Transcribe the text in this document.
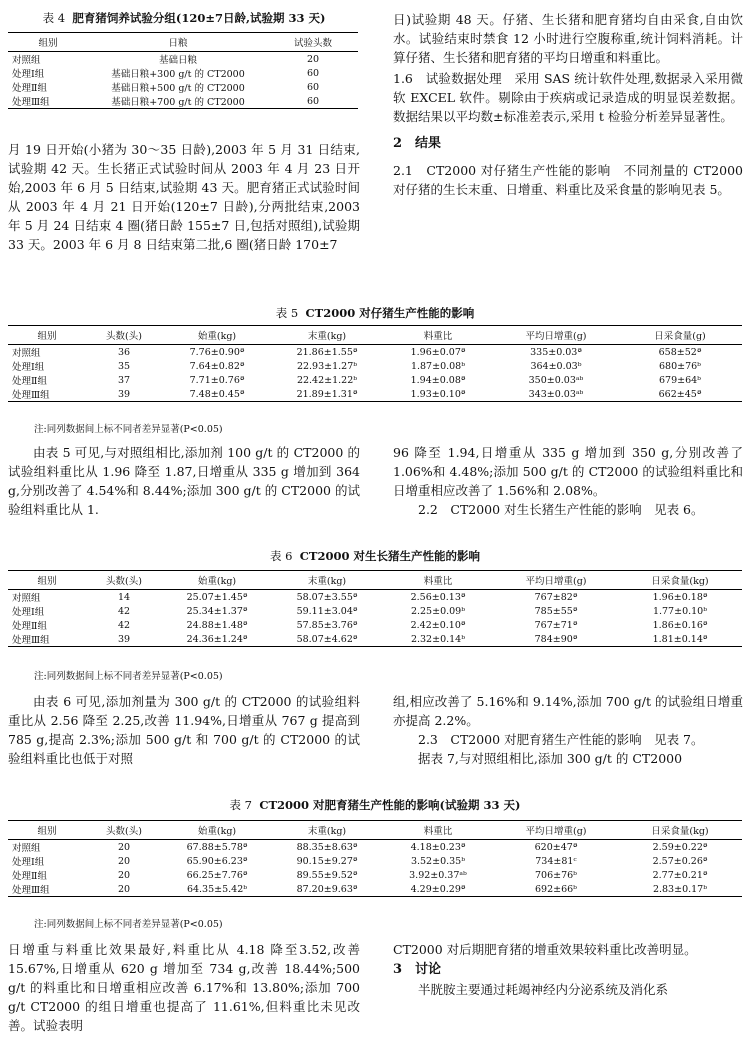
表 4 肥育猪饲养试验分组(120±7日龄,试验期 33 天)
组别	日粮	试验头数
对照组	基础日粮	20
处理Ⅰ组	基础日粮+300 g/t 的 CT2000	60
处理Ⅱ组	基础日粮+500 g/t 的 CT2000	60
处理Ⅲ组	基础日粮+700 g/t 的 CT2000	60

月 19 日开始(小猪为 30～35 日龄),2003 年 5 月 31 日结束,试验期 42 天。生长猪正式试验时间从 2003 年 4 月 23 日开始,2003 年 6 月 5 日结束,试验期 43 天。肥育猪正式试验时间从 2003 年 4 月 21 日开始(120±7 日龄),分两批结束,2003 年 5 月 24 日结束 4 圈(猪日龄 155±7 日,包括对照组),试验期 33 天。2003 年 6 月 8 日结束第二批,6 圈(猪日龄 170±7

日)试验期 48 天。仔猪、生长猪和肥育猪均自由采食,自由饮水。试验结束时禁食 12 小时进行空腹称重,统计饲料消耗。计算仔猪、生长猪和肥育猪的平均日增重和料重比。

1.6　试验数据处理　采用 SAS 统计软件处理,数据录入采用微软 EXCEL 软件。剔除由于疾病或记录造成的明显误差数据。数据结果以平均数±标准差表示,采用 t 检验分析差异显著性。

2　结果

2.1　CT2000 对仔猪生产性能的影响　不同剂量的 CT2000 对仔猪的生长末重、日增重、料重比及采食量的影响见表 5。

表 5 CT2000 对仔猪生产性能的影响
组别	头数(头)	始重(kg)	末重(kg)	料重比	平均日增重(g)	日采食量(g)
对照组	36	7.76±0.90ª	21.86±1.55ª	1.96±0.07ª	335±0.03ª	658±52ª
处理Ⅰ组	35	7.64±0.82ª	22.93±1.27ᵇ	1.87±0.08ᵇ	364±0.03ᵇ	680±76ᵇ
处理Ⅱ组	37	7.71±0.76ª	22.42±1.22ᵇ	1.94±0.08ª	350±0.03ᵃᵇ	679±64ᵇ
处理Ⅲ组	39	7.48±0.45ª	21.89±1.31ª	1.93±0.10ª	343±0.03ᵃᵇ	662±45ª
注:同列数据间上标不同者差异显著(P<0.05)

由表 5 可见,与对照组相比,添加剂 100 g/t 的 CT2000 的试验组料重比从 1.96 降至 1.87,日增重从 335 g 增加到 364 g,分别改善了 4.54%和 8.44%;添加 300 g/t 的 CT2000 的试验组料重比从 1.

96 降至 1.94,日增重从 335 g 增加到 350 g,分别改善了 1.06%和 4.48%;添加 500 g/t 的 CT2000 的试验组料重比和日增重相应改善了 1.56%和 2.08%。

2.2　CT2000 对生长猪生产性能的影响　见表 6。

表 6 CT2000 对生长猪生产性能的影响
组别	头数(头)	始重(kg)	末重(kg)	料重比	平均日增重(g)	日采食量(kg)
对照组	14	25.07±1.45ª	58.07±3.55ª	2.56±0.13ª	767±82ª	1.96±0.18ª
处理Ⅰ组	42	25.34±1.37ª	59.11±3.04ª	2.25±0.09ᵇ	785±55ª	1.77±0.10ᵇ
处理Ⅱ组	42	24.88±1.48ª	57.85±3.76ª	2.42±0.10ª	767±71ª	1.86±0.16ª
处理Ⅲ组	39	24.36±1.24ª	58.07±4.62ª	2.32±0.14ᵇ	784±90ª	1.81±0.14ª
注:同列数据间上标不同者差异显著(P<0.05)

由表 6 可见,添加剂量为 300 g/t 的 CT2000 的试验组料重比从 2.56 降至 2.25,改善 11.94%,日增重从 767 g 提高到 785 g,提高 2.3%;添加 500 g/t 和 700 g/t 的 CT2000 的试验组料重比也低于对照

组,相应改善了 5.16%和 9.14%,添加 700 g/t 的试验组日增重亦提高 2.2%。

2.3　CT2000 对肥育猪生产性能的影响　见表 7。

据表 7,与对照组相比,添加 300 g/t 的 CT2000

表 7 CT2000 对肥育猪生产性能的影响(试验期 33 天)
组别	头数(头)	始重(kg)	末重(kg)	料重比	平均日增重(g)	日采食量(kg)
对照组	20	67.88±5.78ª	88.35±8.63ª	4.18±0.23ª	620±47ª	2.59±0.22ª
处理Ⅰ组	20	65.90±6.23ª	90.15±9.27ª	3.52±0.35ᵇ	734±81ᶜ	2.57±0.26ª
处理Ⅱ组	20	66.25±7.76ª	89.55±9.52ª	3.92±0.37ᵃᵇ	706±76ᵇ	2.77±0.21ª
处理Ⅲ组	20	64.35±5.42ᵇ	87.20±9.63ª	4.29±0.29ª	692±66ᵇ	2.83±0.17ᵇ
注:同列数据间上标不同者差异显著(P<0.05)

日增重与料重比效果最好,料重比从 4.18 降至3.52,改善 15.67%,日增重从 620 g 增加至 734 g,改善 18.44%;500 g/t 的料重比和日增重相应改善 6.17%和 13.80%;添加 700 g/t CT2000 的组日增重也提高了 11.61%,但料重比未见改善。试验表明

CT2000 对后期肥育猪的增重效果较料重比改善明显。

3　讨论

半胱胺主要通过耗竭神经内分泌系统及消化系
